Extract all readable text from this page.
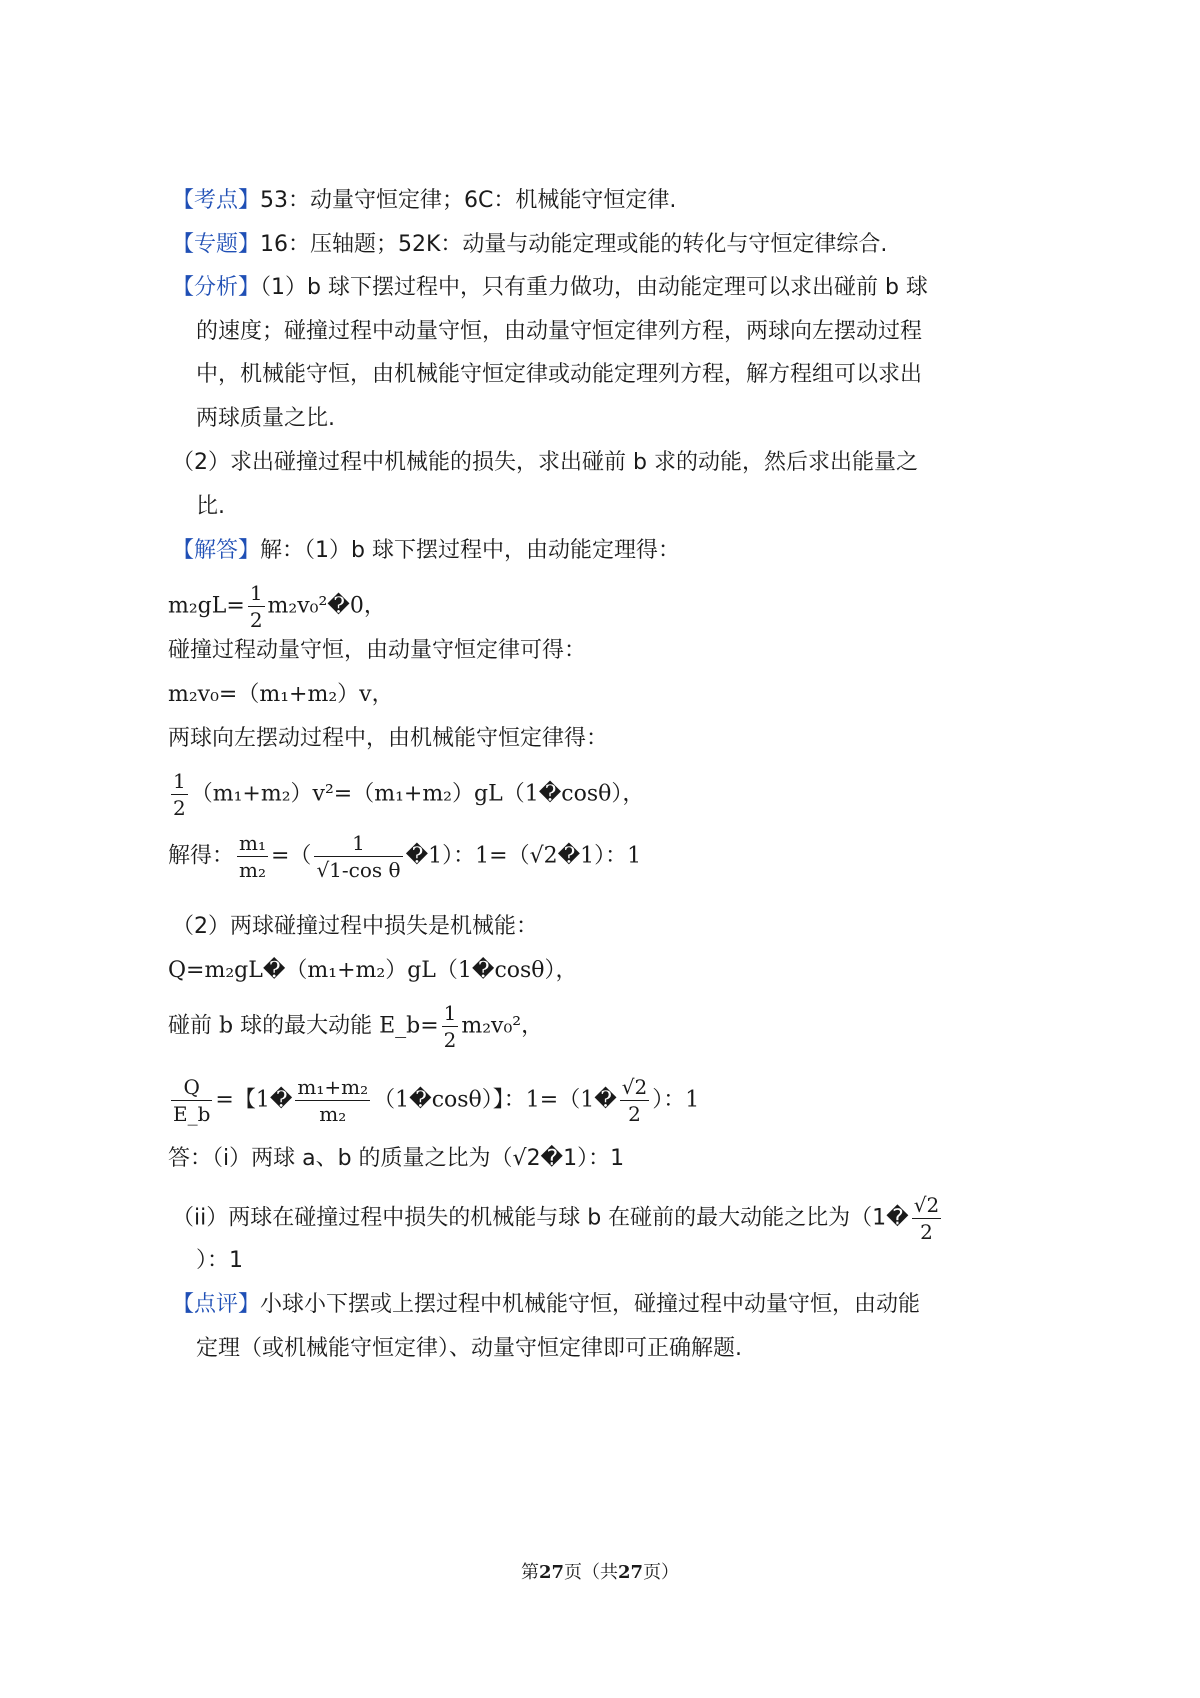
【考点】53：动量守恒定律；6C：机械能守恒定律.
【专题】16：压轴题；52K：动量与动能定理或能的转化与守恒定律综合.
【分析】（1）b 球下摆过程中，只有重力做功，由动能定理可以求出碰前 b 球
的速度；碰撞过程中动量守恒，由动量守恒定律列方程，两球向左摆动过程
中，机械能守恒，由机械能守恒定律或动能定理列方程，解方程组可以求出
两球质量之比.
（2）求出碰撞过程中机械能的损失，求出碰前 b 求的动能，然后求出能量之
比.
【解答】解：（1）b 球下摆过程中，由动能定理得：
$m_2gL= \frac{1}{2}$ m₂v₀²�0，
碰撞过程动量守恒，由动量守恒定律可得：
m₂v₀=（m₁+m₂）v，
两球向左摆动过程中，由机械能守恒定律得：
$\frac{1}{2}$ （m₁+m₂）v²=（m₁+m₂）gL（1�cosθ），
解得： $\frac{\text{m₁}}{\text{m₂}}$ =（ $\frac{1}{\text{√1-cos θ}}$ �1）：1=（√2�1）：1
（2）两球碰撞过程中损失是机械能：
Q=m₂gL�（m₁+m₂）gL（1�cosθ），
碰前 b 球的最大动能 E_b= $\frac{1}{2} m_2v_0^2$，
$\frac{Q}{E\_b}$ =【1� $\frac{\text{m₁+m₂}}{\text{m₂}}$ （1�cosθ）】：1=（1� $\frac{√2}{2}$ ）：1
答：（i）两球 a、b 的质量之比为（√2�1）：1
（ii）两球在碰撞过程中损失的机械能与球 b 在碰前的最大动能之比为（1� $\frac{√2}{2}$
）：1
【点评】小球小下摆或上摆过程中机械能守恒，碰撞过程中动量守恒，由动能
定理（或机械能守恒定律）、动量守恒定律即可正确解题.
第27页（共27页）
